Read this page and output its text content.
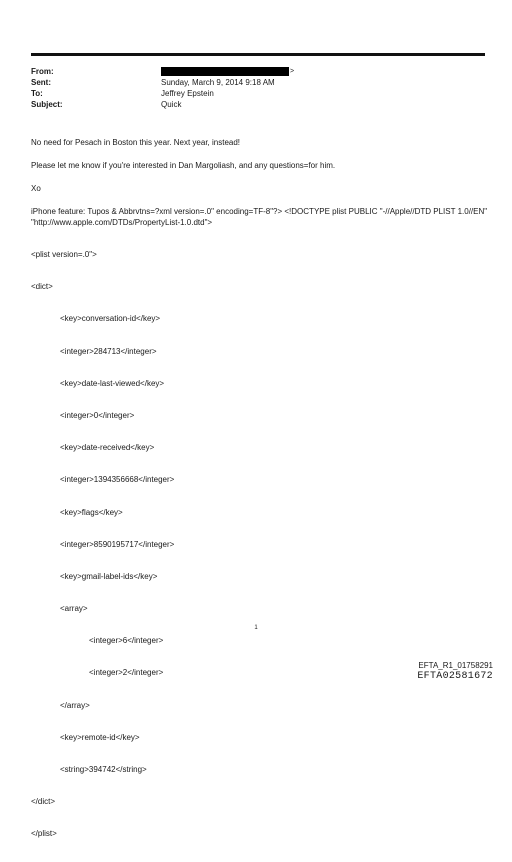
From:	>
Sent:	Sunday, March 9, 2014 9:18 AM
To:	Jeffrey Epstein
Subject:	Quick

No need for Pesach in Boston this year. Next year, instead!

Please let me know if you're interested in Dan Margoliash, and any questions=for him.

Xo

iPhone feature: Tupos & Abbrvtns=?xml version=.0" encoding=TF-8"?> <!DOCTYPE plist PUBLIC "-//Apple//DTD PLIST 1.0//EN" "http://www.apple.com/DTDs/PropertyList-1.0.dtd">

<plist version=.0">

<dict>

<key>conversation-id</key>

<integer>284713</integer>

<key>date-last-viewed</key>

<integer>0</integer>

<key>date-received</key>

<integer>1394356668</integer>

<key>flags</key>

<integer>8590195717</integer>

<key>gmail-label-ids</key>

<array>

<integer>6</integer>

<integer>2</integer>

</array>

<key>remote-id</key>

<string>394742</string>

</dict>

</plist>

1
EFTA_R1_01758291
EFTA02581672
